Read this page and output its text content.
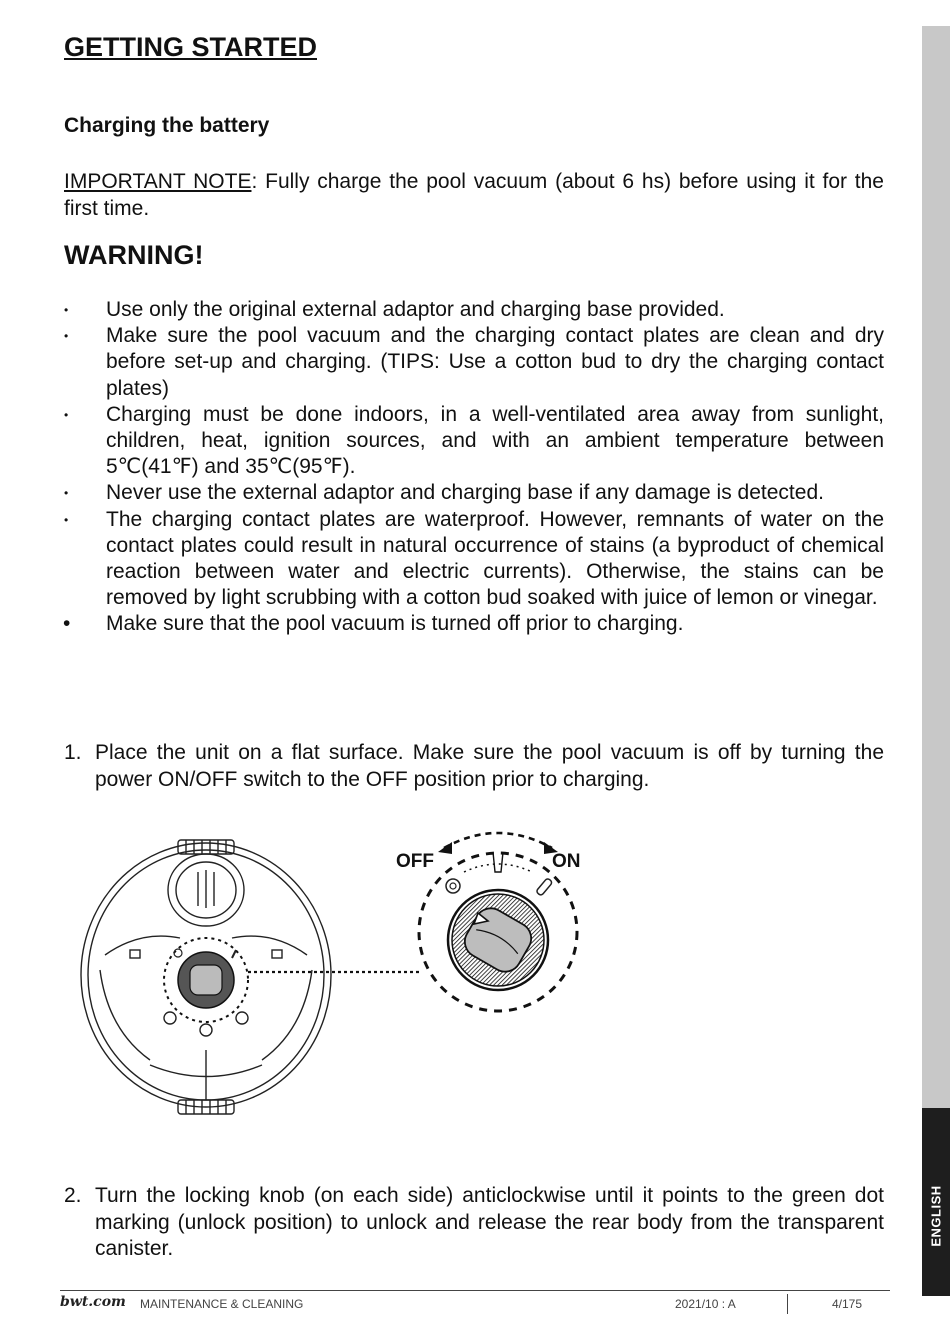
ENGLISH
GETTING STARTED
Charging the battery

IMPORTANT NOTE: Fully charge the pool vacuum (about 6 hs) before using it for the first time.

WARNING!
• Use only the original external adaptor and charging base provided.
• Make sure the pool vacuum and the charging contact plates are clean and dry before set-up and charging. (TIPS: Use a cotton bud to dry the charging contact plates)
• Charging must be done indoors, in a well-ventilated area away from sunlight, children, heat, ignition sources, and with an ambient temperature between 5℃(41℉) and 35℃(95℉).
• Never use the external adaptor and charging base if any damage is detected.
• The charging contact plates are waterproof. However, remnants of water on the contact plates could result in natural occurrence of stains (a byproduct of chemical reaction between water and electric currents). Otherwise, the stains can be removed by light scrubbing with a cotton bud soaked with juice of lemon or vinegar.
• Make sure that the pool vacuum is turned off prior to charging.

1. Place the unit on a flat surface. Make sure the pool vacuum is off by turning the power ON/OFF switch to the OFF position prior to charging.

OFF	ON

2. Turn the locking knob (on each side) anticlockwise until it points to the green dot marking (unlock position) to unlock and release the rear body from the transparent canister.

bwt.com MAINTENANCE & CLEANING	2021/10 : A	4/175
